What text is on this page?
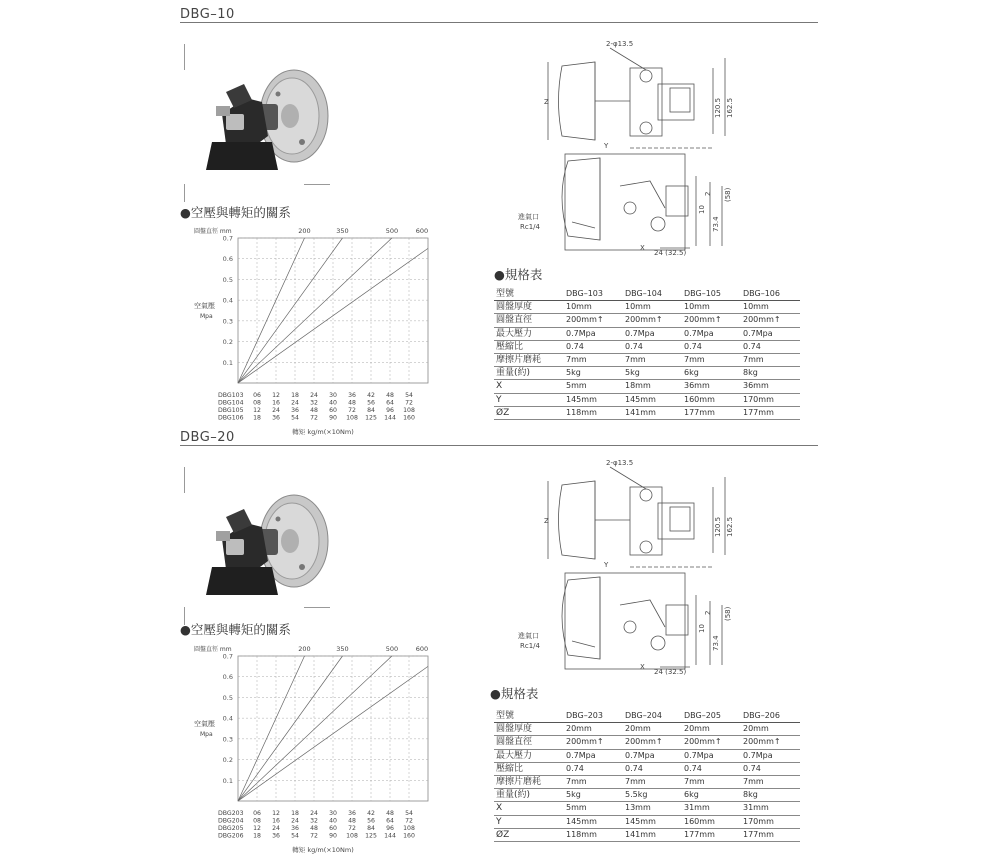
DBG–10
●空壓與轉矩的關系
0.7
0.6
0.5
0.4
0.3
0.2
0.1
空氣壓
Mpa
圓盤直徑 mm	200	350	500	600
DBG103 06 12 18 24 30 36 42 48 54
DBG104 08 16 24 32 40 48 56 64 72
DBG105 12 24 36 48 60 72 84 96 108
DBG106 18 36 54 72 90 108 125 144 160
轉矩 kg/m(×10Nm)
2-φ13.5
Z	120.5 162.5
Y
進氣口
Rc1/4
2
10
73.4
(58)
X
24 (32.5)
●規格表
型號	DBG–103	DBG–104	DBG–105	DBG–106
圓盤厚度	10mm	10mm	10mm	10mm
圓盤直徑	200mm↑	200mm↑	200mm↑	200mm↑
最大壓力	0.7Mpa	0.7Mpa	0.7Mpa	0.7Mpa
壓縮比	0.74	0.74	0.74	0.74
摩擦片磨耗	7mm	7mm	7mm	7mm
重量(約)	5kg	5kg	6kg	8kg
X	5mm	18mm	36mm	36mm
Y	145mm	145mm	160mm	170mm
ØZ	118mm	141mm	177mm	177mm
DBG–20
●空壓與轉矩的關系
0.7
0.6
0.5
0.4
0.3
0.2
0.1
空氣壓
Mpa
圓盤直徑 mm	200	350	500	600
DBG203 06 12 18 24 30 36 42 48 54
DBG204 08 16 24 32 40 48 56 64 72
DBG205 12 24 36 48 60 72 84 96 108
DBG206 18 36 54 72 90 108 125 144 160
轉矩 kg/m(×10Nm)
2-φ13.5
Z	120.5 162.5
Y
進氣口
Rc1/4
2
10
73.4
(58)
X
24 (32.5)
●規格表
型號	DBG–203	DBG–204	DBG–205	DBG–206
圓盤厚度	20mm	20mm	20mm	20mm
圓盤直徑	200mm↑	200mm↑	200mm↑	200mm↑
最大壓力	0.7Mpa	0.7Mpa	0.7Mpa	0.7Mpa
壓縮比	0.74	0.74	0.74	0.74
摩擦片磨耗	7mm	7mm	7mm	7mm
重量(約)	5kg	5.5kg	6kg	8kg
X	5mm	13mm	31mm	31mm
Y	145mm	145mm	160mm	170mm
ØZ	118mm	141mm	177mm	177mm
